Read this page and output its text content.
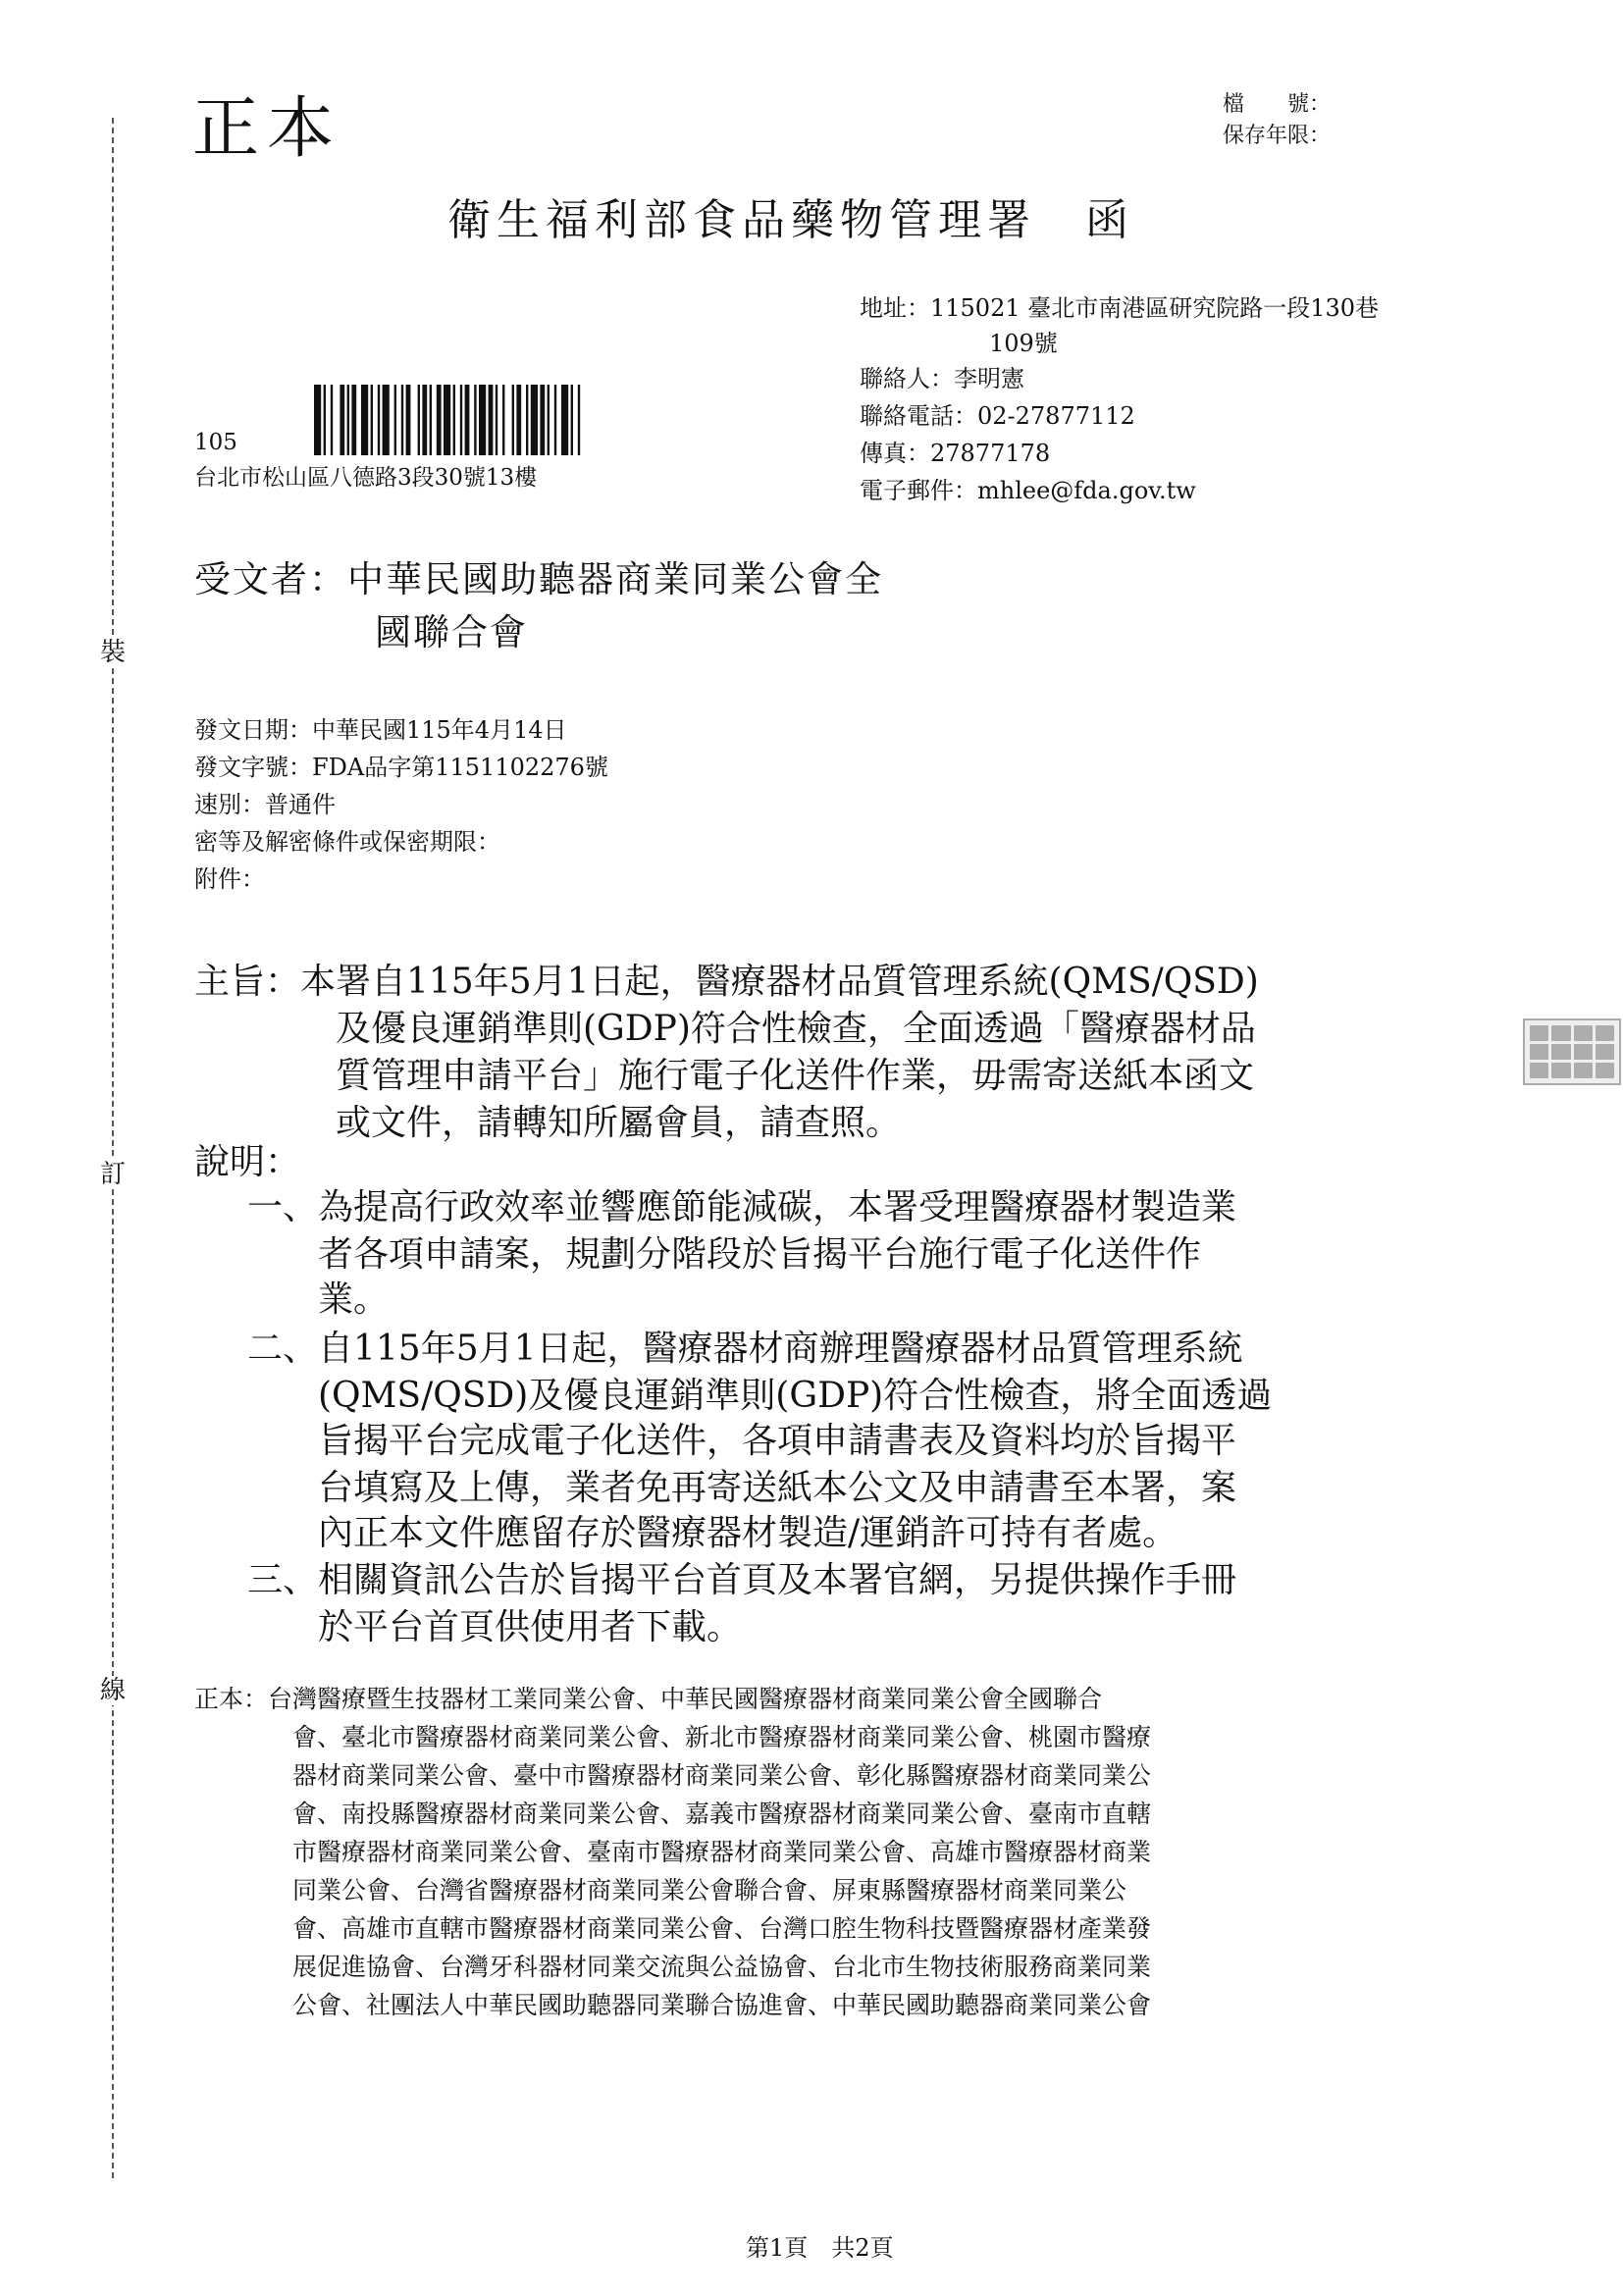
裝
訂
線
正本	檔　　號：
保存年限：
衛生福利部食品藥物管理署　函
地址：115021 臺北市南港區研究院路一段130巷
109號
聯絡人：李明憲
聯絡電話：02-27877112
傳真：27877178
電子郵件：mhlee@fda.gov.tw
105
台北市松山區八德路3段30號13樓
受文者：中華民國助聽器商業同業公會全
國聯合會
發文日期：中華民國115年4月14日
發文字號：FDA品字第1151102276號
速別：普通件
密等及解密條件或保密期限：
附件：
主旨：本署自115年5月1日起，醫療器材品質管理系統(QMS/QSD)
及優良運銷準則(GDP)符合性檢查，全面透過「醫療器材品
質管理申請平台」施行電子化送件作業，毋需寄送紙本函文
或文件，請轉知所屬會員，請查照。
說明：
一、為提高行政效率並響應節能減碳，本署受理醫療器材製造業
者各項申請案，規劃分階段於旨揭平台施行電子化送件作
業。
二、自115年5月1日起，醫療器材商辦理醫療器材品質管理系統
(QMS/QSD)及優良運銷準則(GDP)符合性檢查，將全面透過
旨揭平台完成電子化送件，各項申請書表及資料均於旨揭平
台填寫及上傳，業者免再寄送紙本公文及申請書至本署，案
內正本文件應留存於醫療器材製造/運銷許可持有者處。
三、相關資訊公告於旨揭平台首頁及本署官網，另提供操作手冊
於平台首頁供使用者下載。
正本：台灣醫療暨生技器材工業同業公會、中華民國醫療器材商業同業公會全國聯合
會、臺北市醫療器材商業同業公會、新北市醫療器材商業同業公會、桃園市醫療
器材商業同業公會、臺中市醫療器材商業同業公會、彰化縣醫療器材商業同業公
會、南投縣醫療器材商業同業公會、嘉義市醫療器材商業同業公會、臺南市直轄
市醫療器材商業同業公會、臺南市醫療器材商業同業公會、高雄市醫療器材商業
同業公會、台灣省醫療器材商業同業公會聯合會、屏東縣醫療器材商業同業公
會、高雄市直轄市醫療器材商業同業公會、台灣口腔生物科技暨醫療器材產業發
展促進協會、台灣牙科器材同業交流與公益協會、台北市生物技術服務商業同業
公會、社團法人中華民國助聽器同業聯合協進會、中華民國助聽器商業同業公會
第1頁　共2頁
